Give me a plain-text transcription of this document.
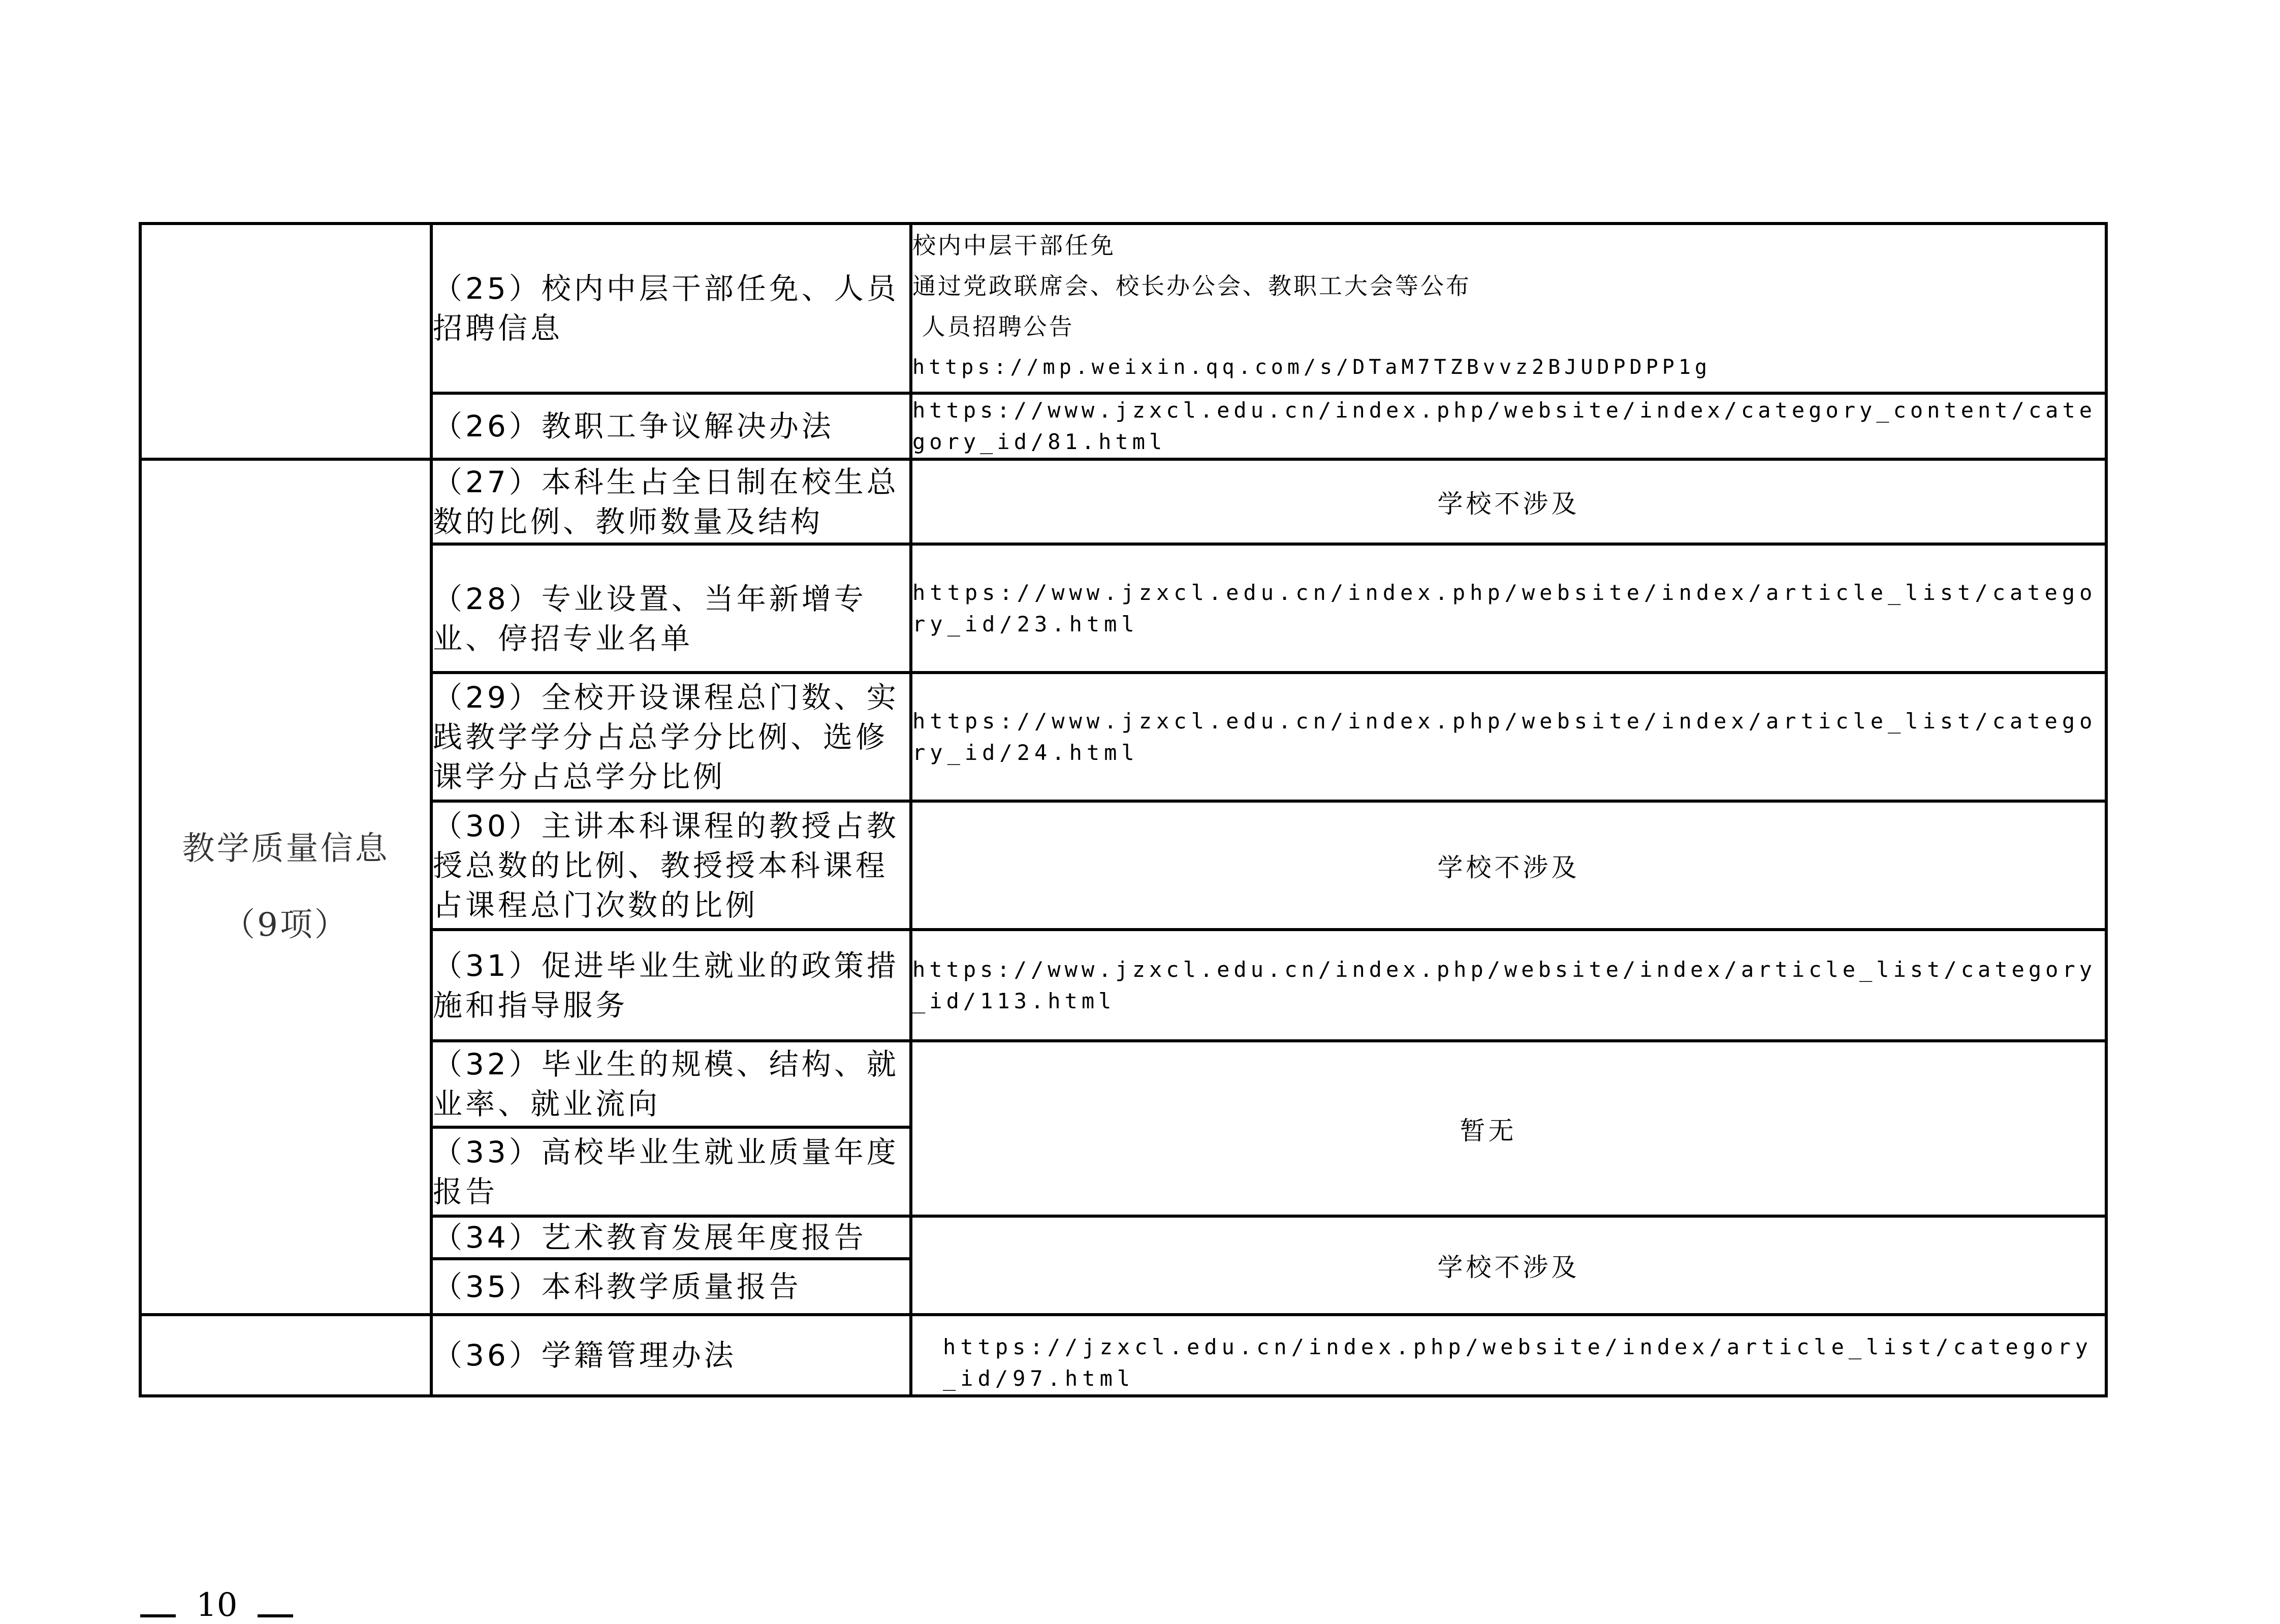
	（25）校内中层干部任免、人员招聘信息	校内中层干部任免
通过党政联席会、校长办公会、教职工大会等公布
人员招聘公告
https://mp.weixin.qq.com/s/DTaM7TZBvvz2BJUDPDPP1g

	（26）教职工争议解决办法	https://www.jzxcl.edu.cn/index.php/website/index/category_content/category_id/81.html

教学质量信息
（9项）	（27）本科生占全日制在校生总数的比例、教师数量及结构	学校不涉及
	（28）专业设置、当年新增专业、停招专业名单	https://www.jzxcl.edu.cn/index.php/website/index/article_list/category_id/23.html
	（29）全校开设课程总门数、实践教学学分占总学分比例、选修课学分占总学分比例	https://www.jzxcl.edu.cn/index.php/website/index/article_list/category_id/24.html
	（30）主讲本科课程的教授占教授总数的比例、教授授本科课程占课程总门次数的比例	学校不涉及
	（31）促进毕业生就业的政策措施和指导服务	https://www.jzxcl.edu.cn/index.php/website/index/article_list/category_id/113.html
	（32）毕业生的规模、结构、就业率、就业流向	暂无
	（33）高校毕业生就业质量年度报告	
	（34）艺术教育发展年度报告	学校不涉及
	（35）本科教学质量报告	
	（36）学籍管理办法	https://jzxcl.edu.cn/index.php/website/index/article_list/category_id/97.html
10
